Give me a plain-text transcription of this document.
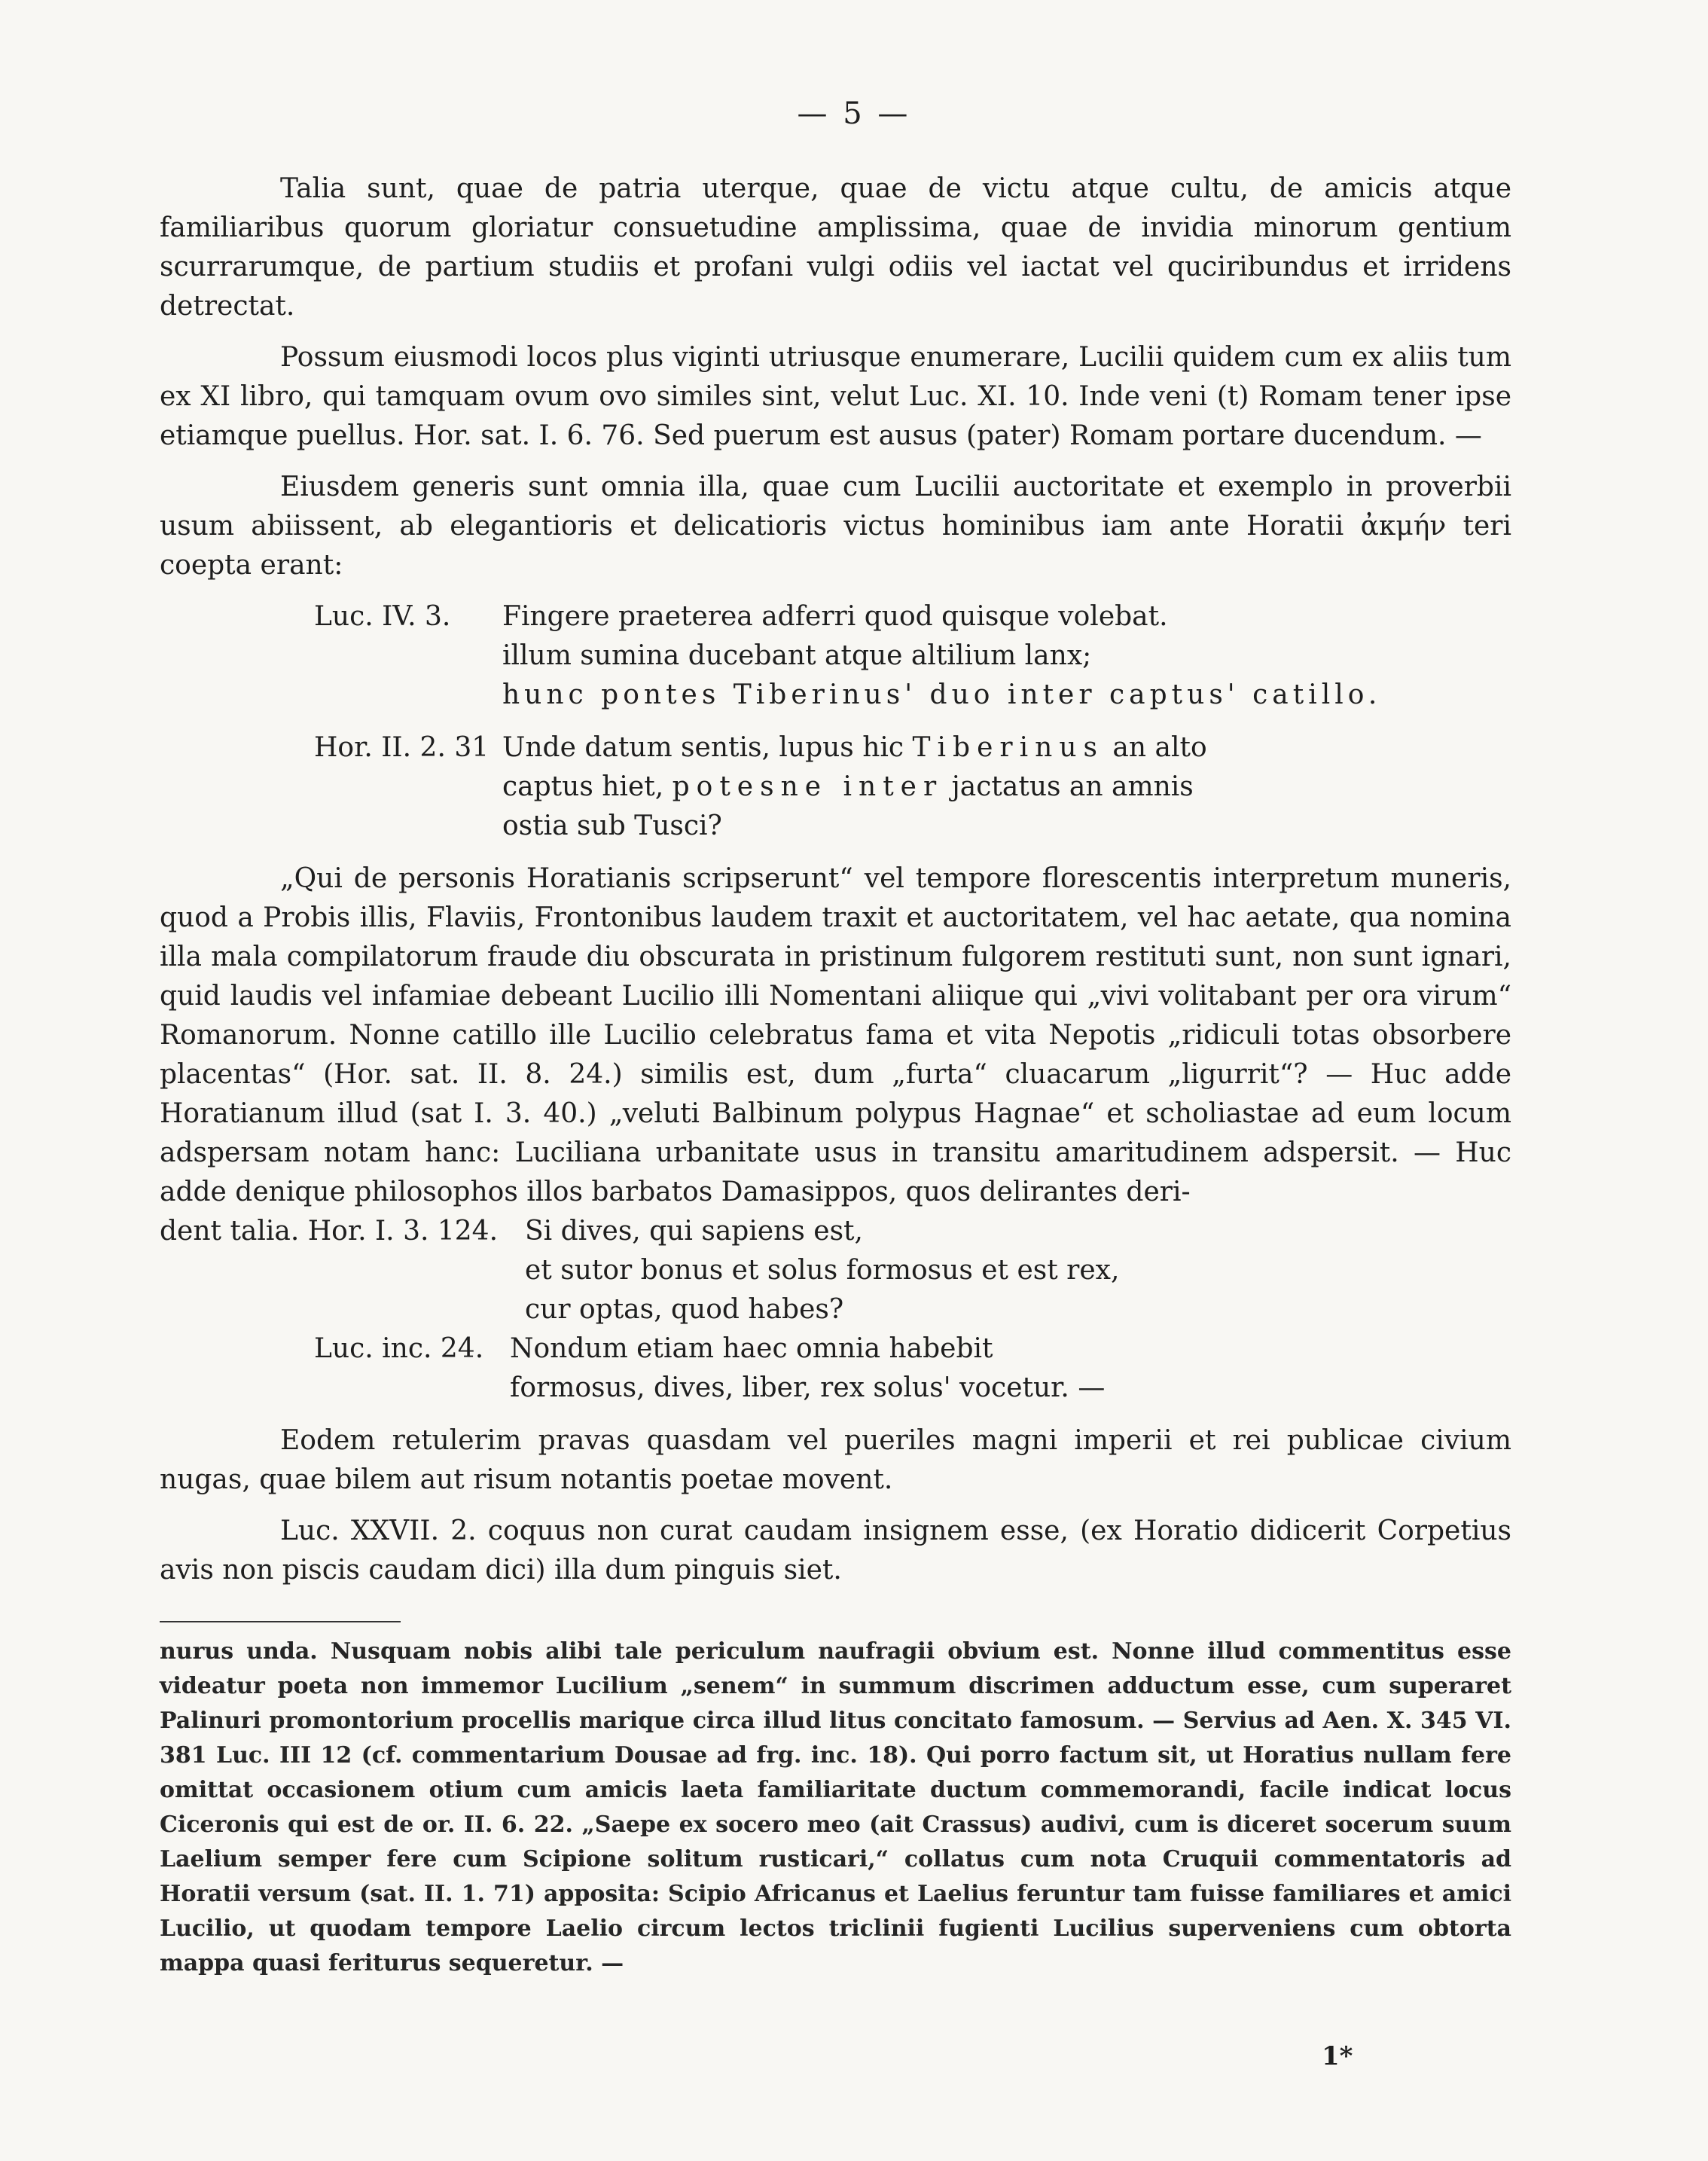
— 5 —

Talia sunt, quae de patria uterque, quae de victu atque cultu, de amicis atque familiaribus quorum gloriatur consuetudine amplissima, quae de invidia minorum gentium scurrarumque, de partium studiis et profani vulgi odiis vel iactat vel quciribundus et irridens detrectat.

Possum eiusmodi locos plus viginti utriusque enumerare, Lucilii quidem cum ex aliis tum ex XI libro, qui tamquam ovum ovo similes sint, velut Luc. XI. 10. Inde veni (t) Romam tener ipse etiamque puellus. Hor. sat. I. 6. 76. Sed puerum est ausus (pater) Romam portare ducendum. —

Eiusdem generis sunt omnia illa, quae cum Lucilii auctoritate et exemplo in proverbii usum abiissent, ab elegantioris et delicatioris victus hominibus iam ante Horatii ἀκμήν teri coepta erant:

Luc. IV. 3.	Fingere praeterea adferri quod quisque volebat.
illum sumina ducebant atque altilium lanx;
hunc pontes Tiberinus' duo inter captus' catillo.
Hor. II. 2. 31 Unde datum sentis, lupus hic Tiberinus an alto
captus hiet, potesne inter jactatus an amnis
ostia sub Tusci?

„Qui de personis Horatianis scripserunt“ vel tempore florescentis interpretum muneris, quod a Probis illis, Flaviis, Frontonibus laudem traxit et auctoritatem, vel hac aetate, qua nomina illa mala compilatorum fraude diu obscurata in pristinum fulgorem restituti sunt, non sunt ignari, quid laudis vel infamiae debeant Lucilio illi Nomentani aliique qui „vivi volitabant per ora virum“ Romanorum. Nonne catillo ille Lucilio celebratus fama et vita Nepotis „ridiculi totas obsorbere placentas“ (Hor. sat. II. 8. 24.) similis est, dum „furta“ cluacarum „ligurrit“? — Huc adde Horatianum illud (sat I. 3. 40.) „veluti Balbinum polypus Hagnae“ et scholiastae ad eum locum adspersam notam hanc: Luciliana urbanitate usus in transitu amaritudinem adspersit. — Huc adde denique philosophos illos barbatos Damasippos, quos delirantes deri-

dent talia. Hor. I. 3. 124. Si dives, qui sapiens est,
et sutor bonus et solus formosus et est rex,
cur optas, quod habes?
Luc. inc. 24. Nondum etiam haec omnia habebit
formosus, dives, liber, rex solus' vocetur. —

Eodem retulerim pravas quasdam vel pueriles magni imperii et rei publicae civium nugas, quae bilem aut risum notantis poetae movent.

Luc. XXVII. 2. coquus non curat caudam insignem esse, (ex Horatio didicerit Corpetius avis non piscis caudam dici) illa dum pinguis siet.

nurus unda. Nusquam nobis alibi tale periculum naufragii obvium est. Nonne illud commentitus esse videatur poeta non immemor Lucilium „senem“ in summum discrimen adductum esse, cum superaret Palinuri promontorium procellis marique circa illud litus concitato famosum. — Servius ad Aen. X. 345 VI. 381 Luc. III 12 (cf. commentarium Dousae ad frg. inc. 18). Qui porro factum sit, ut Horatius nullam fere omittat occasionem otium cum amicis laeta familiaritate ductum commemorandi, facile indicat locus Ciceronis qui est de or. II. 6. 22. „Saepe ex socero meo (ait Crassus) audivi, cum is diceret socerum suum Laelium semper fere cum Scipione solitum rusticari,“ collatus cum nota Cruquii commentatoris ad Horatii versum (sat. II. 1. 71) apposita: Scipio Africanus et Laelius feruntur tam fuisse familiares et amici Lucilio, ut quodam tempore Laelio circum lectos triclinii fugienti Lucilius superveniens cum obtorta mappa quasi feriturus sequeretur. —
1*
